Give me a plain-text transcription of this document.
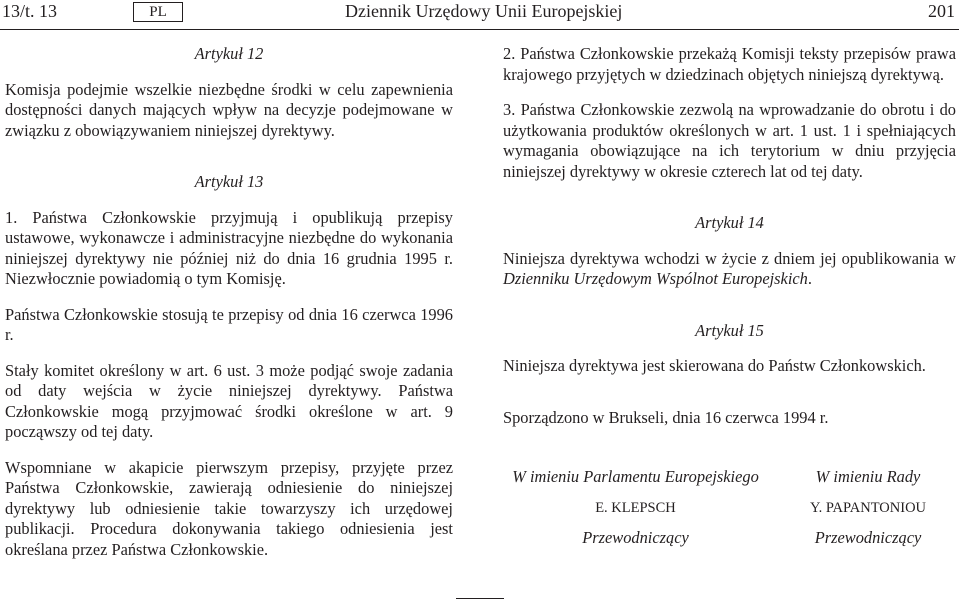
13/t. 13	PL	Dziennik Urzędowy Unii Europejskiej	201

Artykuł 12

Komisja podejmie wszelkie niezbędne środki w celu zapewnienia dostępności danych mających wpływ na decyzje podejmowane w związku z obowiązywaniem niniejszej dyrektywy.

Artykuł 13

1. Państwa Członkowskie przyjmują i opublikują przepisy ustawowe, wykonawcze i administracyjne niezbędne do wykonania niniejszej dyrektywy nie później niż do dnia 16 grudnia 1995 r. Niezwłocznie powiadomią o tym Komisję.

Państwa Członkowskie stosują te przepisy od dnia 16 czerwca 1996 r.

Stały komitet określony w art. 6 ust. 3 może podjąć swoje zadania od daty wejścia w życie niniejszej dyrektywy. Państwa Członkowskie mogą przyjmować środki określone w art. 9 począwszy od tej daty.

Wspomniane w akapicie pierwszym przepisy, przyjęte przez Państwa Członkowskie, zawierają odniesienie do niniejszej dyrektywy lub odniesienie takie towarzyszy ich urzędowej publikacji. Procedura dokonywania takiego odniesienia jest określana przez Państwa Członkowskie.

2. Państwa Członkowskie przekażą Komisji teksty przepisów prawa krajowego przyjętych w dziedzinach objętych niniejszą dyrektywą.

3. Państwa Członkowskie zezwolą na wprowadzanie do obrotu i do użytkowania produktów określonych w art. 1 ust. 1 i spełniających wymagania obowiązujące na ich terytorium w dniu przyjęcia niniejszej dyrektywy w okresie czterech lat od tej daty.

Artykuł 14

Niniejsza dyrektywa wchodzi w życie z dniem jej opublikowania w Dzienniku Urzędowym Wspólnot Europejskich.

Artykuł 15

Niniejsza dyrektywa jest skierowana do Państw Członkowskich.

Sporządzono w Brukseli, dnia 16 czerwca 1994 r.

W imieniu Parlamentu Europejskiego
E. KLEPSCH
Przewodniczący
W imieniu Rady
Y. PAPANTONIOU
Przewodniczący
